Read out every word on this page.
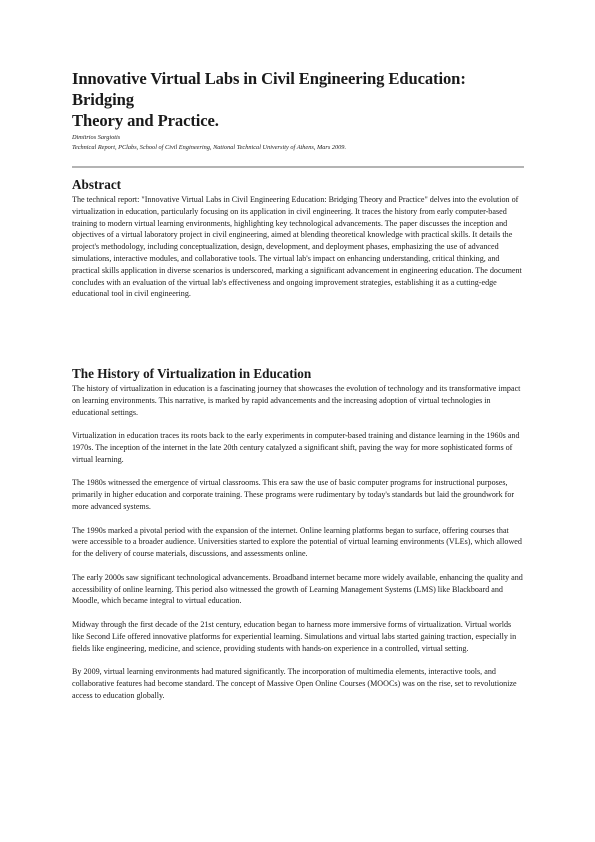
Innovative Virtual Labs in Civil Engineering Education: Bridging
Theory and Practice.

Dimitrios Sargiotis

Technical Report, PClabs, School of Civil Engineering, National Technical University of Athens, Mars 2009.

Abstract

The technical report: "Innovative Virtual Labs in Civil Engineering Education: Bridging Theory and Practice" delves into the evolution of virtualization in education, particularly focusing on its application in civil engineering. It traces the history from early computer-based training to modern virtual learning environments, highlighting key technological advancements. The paper discusses the inception and objectives of a virtual laboratory project in civil engineering, aimed at blending theoretical knowledge with practical skills. It details the project's methodology, including conceptualization, design, development, and deployment phases, emphasizing the use of advanced simulations, interactive modules, and collaborative tools. The virtual lab's impact on enhancing understanding, critical thinking, and practical skills application in diverse scenarios is underscored, marking a significant advancement in engineering education. The document concludes with an evaluation of the virtual lab's effectiveness and ongoing improvement strategies, establishing it as a cutting-edge educational tool in civil engineering.

The History of Virtualization in Education

The history of virtualization in education is a fascinating journey that showcases the evolution of technology and its transformative impact on learning environments. This narrative, is marked by rapid advancements and the increasing adoption of virtual technologies in educational settings.

Virtualization in education traces its roots back to the early experiments in computer-based training and distance learning in the 1960s and 1970s. The inception of the internet in the late 20th century catalyzed a significant shift, paving the way for more sophisticated forms of virtual learning.

The 1980s witnessed the emergence of virtual classrooms. This era saw the use of basic computer programs for instructional purposes, primarily in higher education and corporate training. These programs were rudimentary by today's standards but laid the groundwork for more advanced systems.

The 1990s marked a pivotal period with the expansion of the internet. Online learning platforms began to surface, offering courses that were accessible to a broader audience. Universities started to explore the potential of virtual learning environments (VLEs), which allowed for the delivery of course materials, discussions, and assessments online.

The early 2000s saw significant technological advancements. Broadband internet became more widely available, enhancing the quality and accessibility of online learning. This period also witnessed the growth of Learning Management Systems (LMS) like Blackboard and Moodle, which became integral to virtual education.

Midway through the first decade of the 21st century, education began to harness more immersive forms of virtualization. Virtual worlds like Second Life offered innovative platforms for experiential learning. Simulations and virtual labs started gaining traction, especially in fields like engineering, medicine, and science, providing students with hands-on experience in a controlled, virtual setting.

By 2009, virtual learning environments had matured significantly. The incorporation of multimedia elements, interactive tools, and collaborative features had become standard. The concept of Massive Open Online Courses (MOOCs) was on the rise, set to revolutionize access to education globally.
